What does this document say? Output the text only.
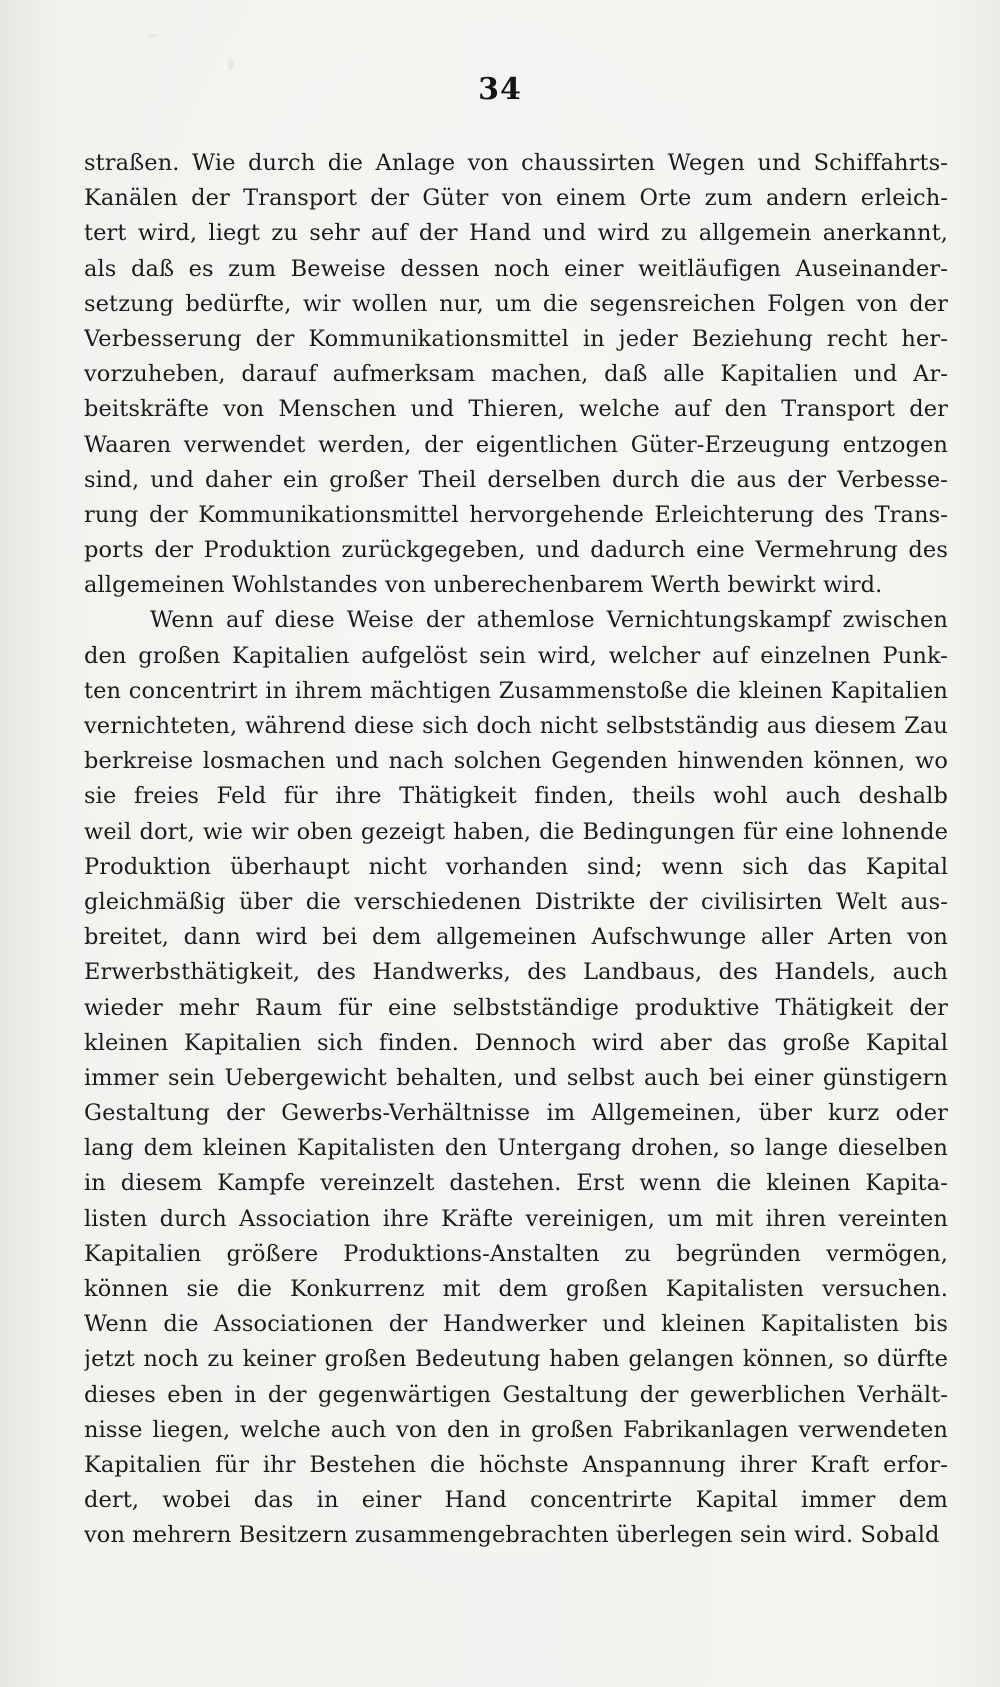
34
straßen. Wie durch die Anlage von chaussirten Wegen und Schiffahrts-
Kanälen der Transport der Güter von einem Orte zum andern erleich-
tert wird, liegt zu sehr auf der Hand und wird zu allgemein anerkannt,
als daß es zum Beweise dessen noch einer weitläufigen Auseinander-
setzung bedürfte, wir wollen nur, um die segensreichen Folgen von der
Verbesserung der Kommunikationsmittel in jeder Beziehung recht her-
vorzuheben, darauf aufmerksam machen, daß alle Kapitalien und Ar-
beitskräfte von Menschen und Thieren, welche auf den Transport der
Waaren verwendet werden, der eigentlichen Güter-Erzeugung entzogen
sind, und daher ein großer Theil derselben durch die aus der Verbesse-
rung der Kommunikationsmittel hervorgehende Erleichterung des Trans-
ports der Produktion zurückgegeben, und dadurch eine Vermehrung des
allgemeinen Wohlstandes von unberechenbarem Werth bewirkt wird.
Wenn auf diese Weise der athemlose Vernichtungskampf zwischen
den großen Kapitalien aufgelöst sein wird, welcher auf einzelnen Punk-
ten concentrirt in ihrem mächtigen Zusammenstoße die kleinen Kapitalien
vernichteten, während diese sich doch nicht selbstständig aus diesem Zau
berkreise losmachen und nach solchen Gegenden hinwenden können, wo
sie freies Feld für ihre Thätigkeit finden, theils wohl auch deshalb
weil dort, wie wir oben gezeigt haben, die Bedingungen für eine lohnende
Produktion überhaupt nicht vorhanden sind; wenn sich das Kapital
gleichmäßig über die verschiedenen Distrikte der civilisirten Welt aus-
breitet, dann wird bei dem allgemeinen Aufschwunge aller Arten von
Erwerbsthätigkeit, des Handwerks, des Landbaus, des Handels, auch
wieder mehr Raum für eine selbstständige produktive Thätigkeit der
kleinen Kapitalien sich finden. Dennoch wird aber das große Kapital
immer sein Uebergewicht behalten, und selbst auch bei einer günstigern
Gestaltung der Gewerbs-Verhältnisse im Allgemeinen, über kurz oder
lang dem kleinen Kapitalisten den Untergang drohen, so lange dieselben
in diesem Kampfe vereinzelt dastehen. Erst wenn die kleinen Kapita-
listen durch Association ihre Kräfte vereinigen, um mit ihren vereinten
Kapitalien größere Produktions-Anstalten zu begründen vermögen,
können sie die Konkurrenz mit dem großen Kapitalisten versuchen.
Wenn die Associationen der Handwerker und kleinen Kapitalisten bis
jetzt noch zu keiner großen Bedeutung haben gelangen können, so dürfte
dieses eben in der gegenwärtigen Gestaltung der gewerblichen Verhält-
nisse liegen, welche auch von den in großen Fabrikanlagen verwendeten
Kapitalien für ihr Bestehen die höchste Anspannung ihrer Kraft erfor-
dert, wobei das in einer Hand concentrirte Kapital immer dem
von mehrern Besitzern zusammengebrachten überlegen sein wird. Sobald
